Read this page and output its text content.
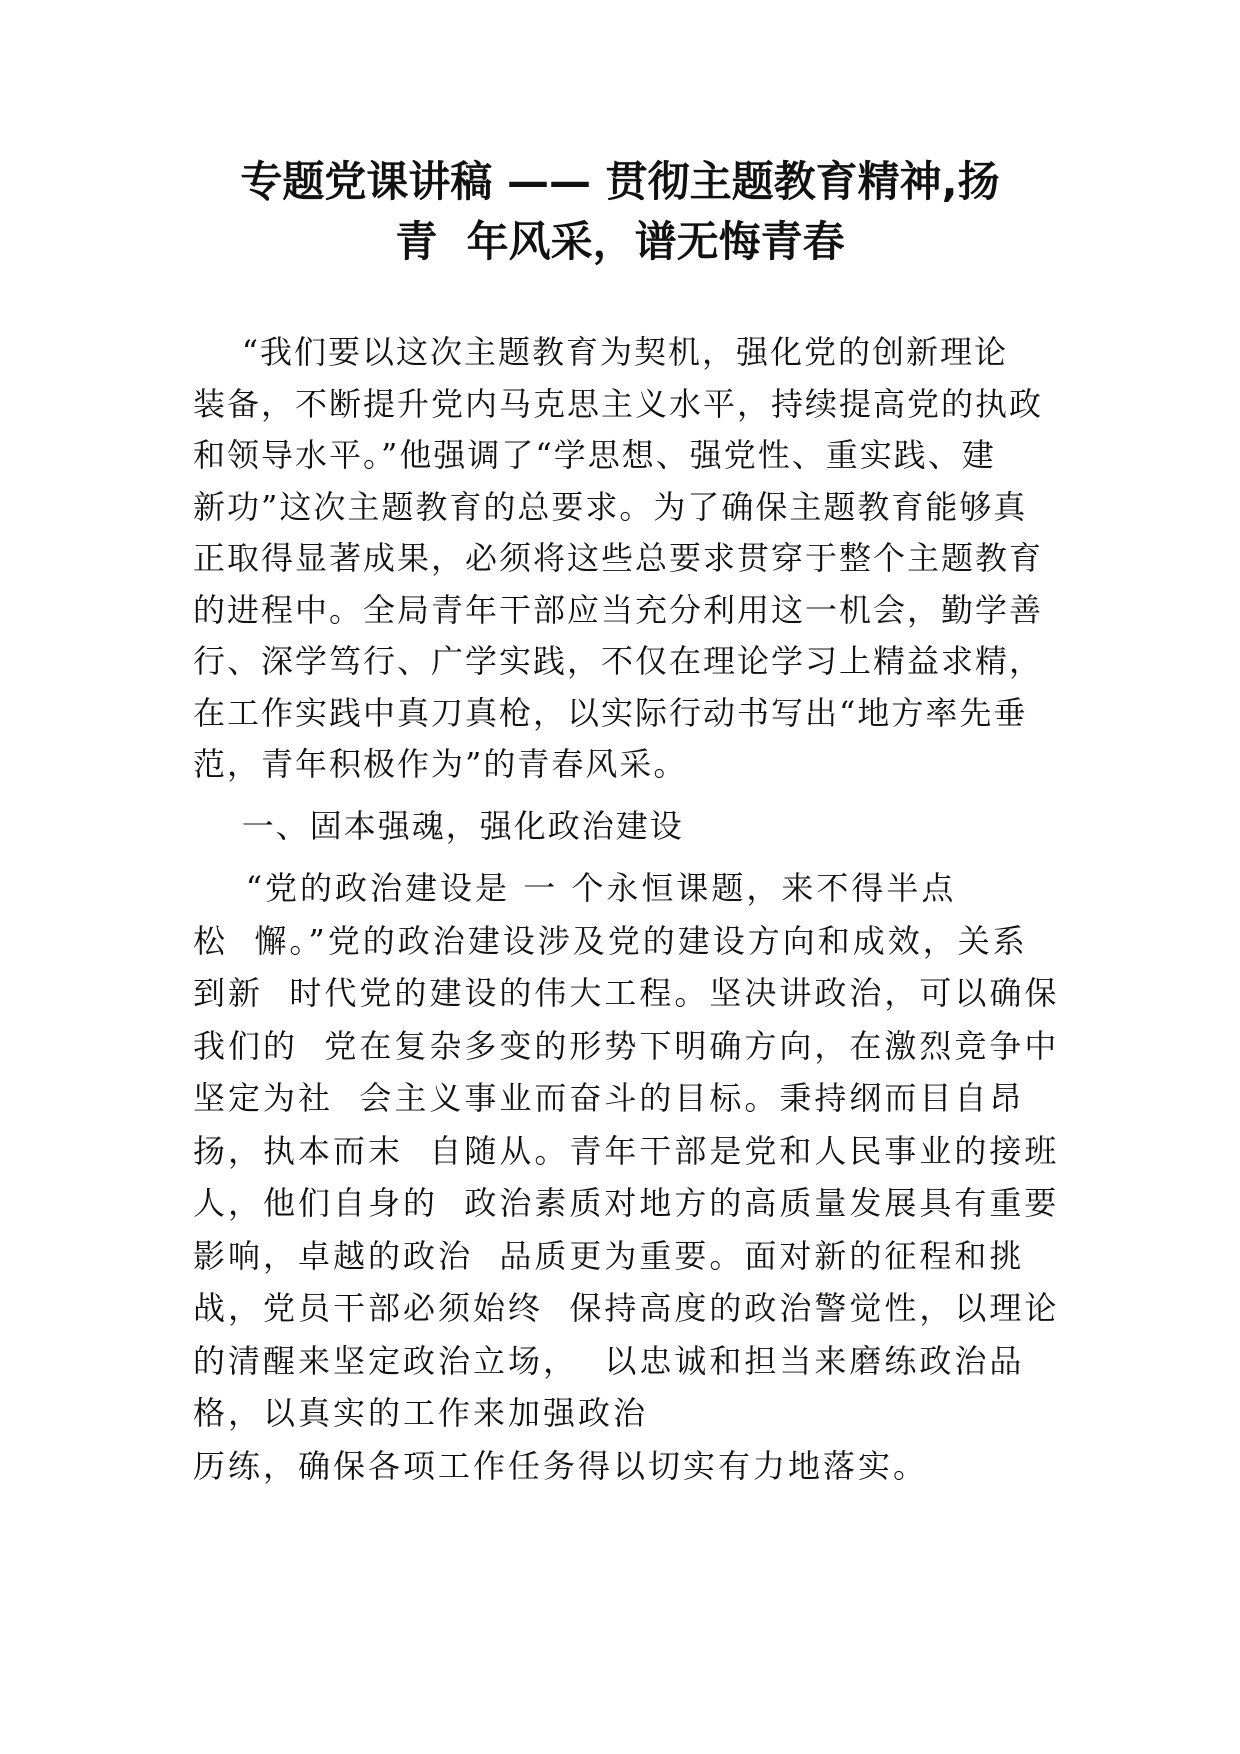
专题党课讲稿 —— 贯彻主题教育精神,扬
青  年风采，谱无悔青春
“我们要以这次主题教育为契机，强化党的创新理论
装备，不断提升党内马克思主义水平，持续提高党的执政
和领导水平。”他强调了“学思想、强党性、重实践、建
新功”这次主题教育的总要求。为了确保主题教育能够真
正取得显著成果，必须将这些总要求贯穿于整个主题教育
的进程中。全局青年干部应当充分利用这一机会，勤学善
行、深学笃行、广学实践，不仅在理论学习上精益求精，
在工作实践中真刀真枪，以实际行动书写出“地方率先垂
范，青年积极作为”的青春风采。
一、固本强魂，强化政治建设
“党的政治建设是 一 个永恒课题，来不得半点
松  懈。”党的政治建设涉及党的建设方向和成效，关系
到新  时代党的建设的伟大工程。坚决讲政治，可以确保
我们的  党在复杂多变的形势下明确方向，在激烈竞争中
坚定为社  会主义事业而奋斗的目标。秉持纲而目自昂
扬，执本而末  自随从。青年干部是党和人民事业的接班
人，他们自身的  政治素质对地方的高质量发展具有重要
影响，卓越的政治  品质更为重要。面对新的征程和挑
战，党员干部必须始终  保持高度的政治警觉性，以理论
的清醒来坚定政治立场，  以忠诚和担当来磨练政治品
格，以真实的工作来加强政治
历练，确保各项工作任务得以切实有力地落实。
